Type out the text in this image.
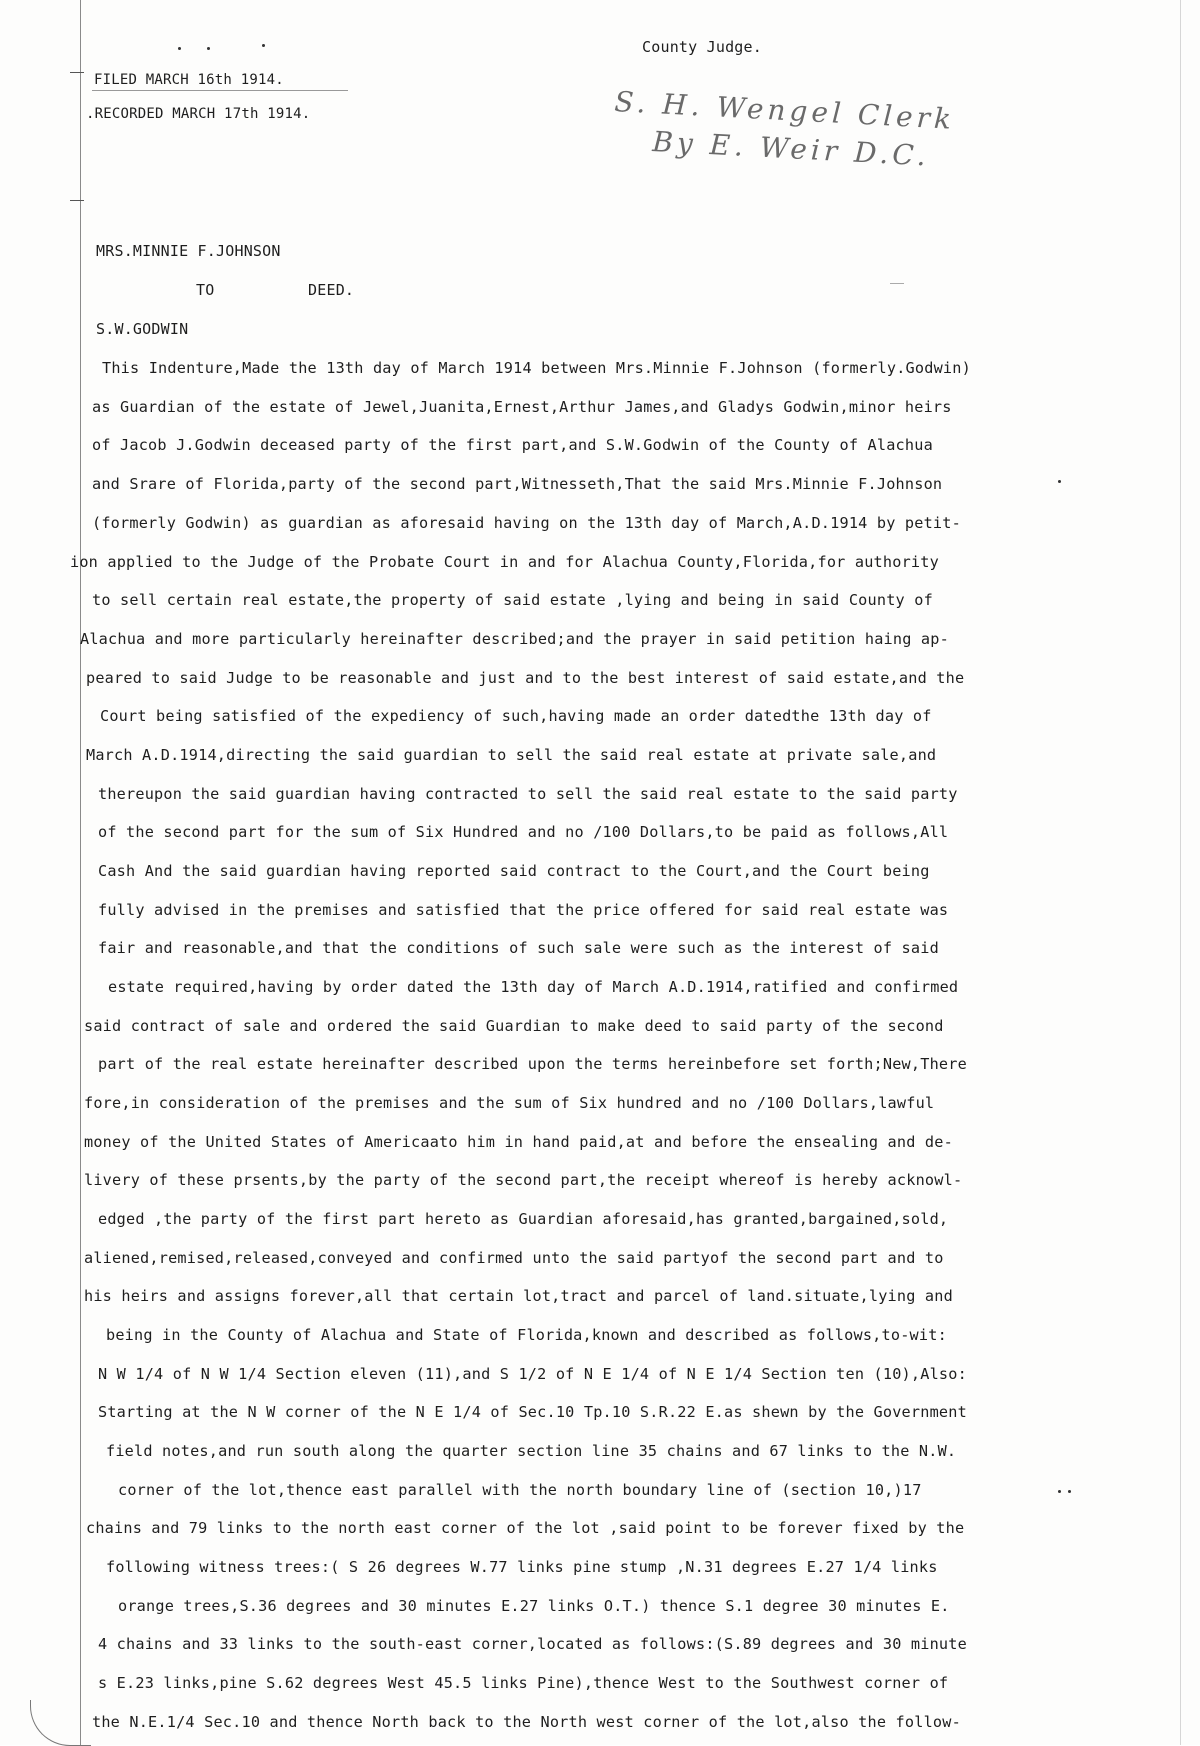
County Judge.
FILED MARCH 16th 1914.
.RECORDED MARCH 17th 1914.	S. H. Wengel Clerk
By E. Weir D.C.
MRS.MINNIE F.JOHNSON
TO	DEED.
S.W.GODWIN
This Indenture,Made the 13th day of March 1914 between Mrs.Minnie F.Johnson (formerly.Godwin)
as Guardian of the estate of Jewel,Juanita,Ernest,Arthur James,and Gladys Godwin,minor heirs
of Jacob J.Godwin deceased party of the first part,and S.W.Godwin of the County of Alachua
and Srare of Florida,party of the second part,Witnesseth,That the said Mrs.Minnie F.Johnson
(formerly Godwin) as guardian as aforesaid having on the 13th day of March,A.D.1914 by petit-
ion applied to the Judge of the Probate Court in and for Alachua County,Florida,for authority
to sell certain real estate,the property of said estate ,lying and being in said County of
Alachua and more particularly hereinafter described;and the prayer in said petition haing ap-
peared to said Judge to be reasonable and just and to the best interest of said estate,and the
Court being satisfied of the expediency of such,having made an order datedthe 13th day of
March A.D.1914,directing the said guardian to sell the said real estate at private sale,and
thereupon the said guardian having contracted to sell the said real estate to the said party
of the second part for the sum of Six Hundred and no /100 Dollars,to be paid as follows,All
Cash And the said guardian having reported said contract to the Court,and the Court being
fully advised in the premises and satisfied that the price offered for said real estate was
fair and reasonable,and that the conditions of such sale were such as the interest of said
estate required,having by order dated the 13th day of March A.D.1914,ratified and confirmed
said contract of sale and ordered the said Guardian to make deed to said party of the second
part of the real estate hereinafter described upon the terms hereinbefore set forth;New,There
fore,in consideration of the premises and the sum of Six hundred and no /100 Dollars,lawful
money of the United States of Americaato him in hand paid,at and before the ensealing and de-
livery of these prsents,by the party of the second part,the receipt whereof is hereby acknowl-
edged ,the party of the first part hereto as Guardian aforesaid,has granted,bargained,sold,
aliened,remised,released,conveyed and confirmed unto the said partyof the second part and to
his heirs and assigns forever,all that certain lot,tract and parcel of land.situate,lying and
being in the County of Alachua and State of Florida,known and described as follows,to-wit:
N W 1/4 of N W 1/4 Section eleven (11),and S 1/2 of N E 1/4 of N E 1/4 Section ten (10),Also:
Starting at the N W corner of the N E 1/4 of Sec.10 Tp.10 S.R.22 E.as shewn by the Government
field notes,and run south along the quarter section line 35 chains and 67 links to the N.W.
corner of the lot,thence east parallel with the north boundary line of (section 10,)17
chains and 79 links to the north east corner of the lot ,said point to be forever fixed by the
following witness trees:( S 26 degrees W.77 links pine stump ,N.31 degrees E.27 1/4 links
orange trees,S.36 degrees and 30 minutes E.27 links O.T.) thence S.1 degree 30 minutes E.
4 chains and 33 links to the south-east corner,located as follows:(S.89 degrees and 30 minute
s E.23 links,pine S.62 degrees West 45.5 links Pine),thence West to the Southwest corner of
the N.E.1/4 Sec.10 and thence North back to the North west corner of the lot,also the follow-
